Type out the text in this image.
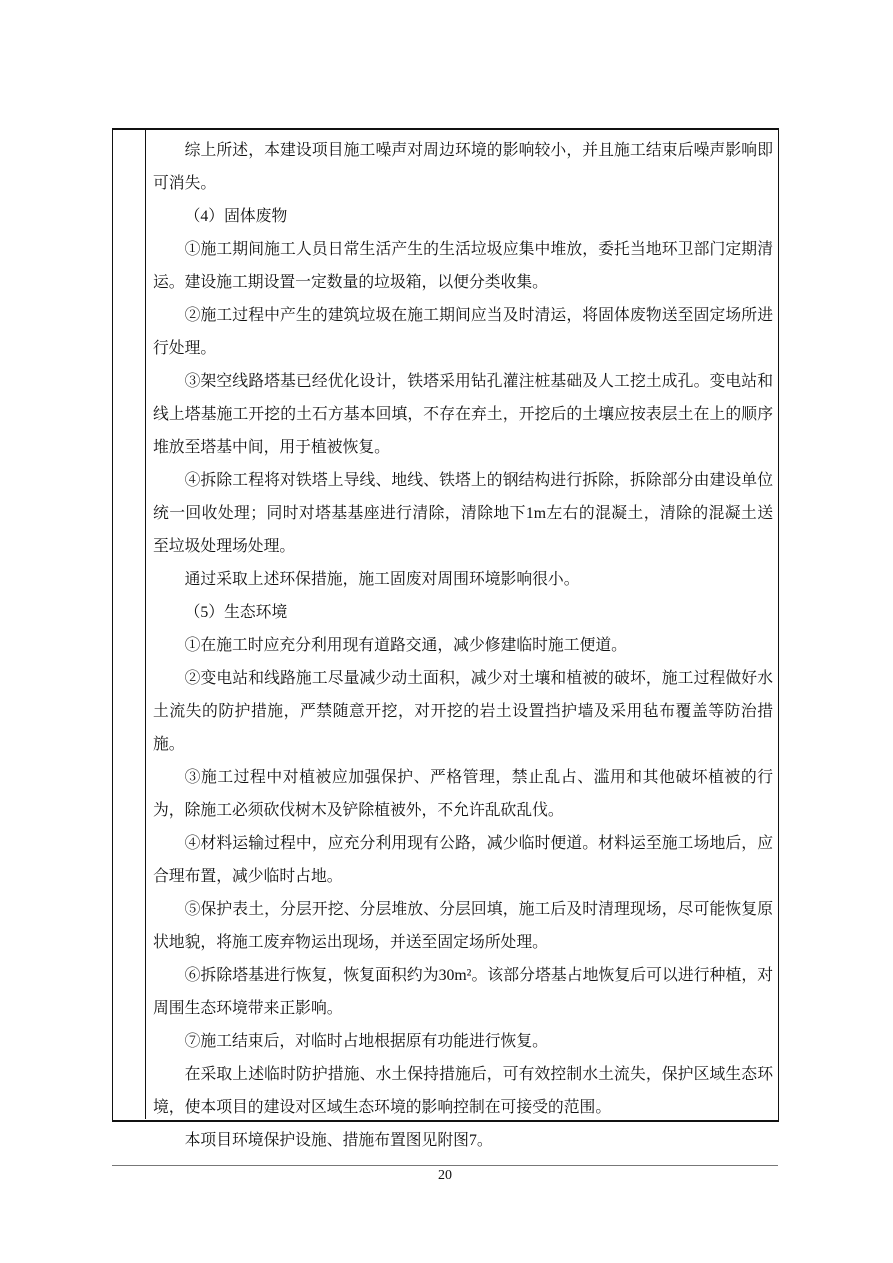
综上所述，本建设项目施工噪声对周边环境的影响较小，并且施工结束后噪声影响即可消失。

（4）固体废物

①施工期间施工人员日常生活产生的生活垃圾应集中堆放，委托当地环卫部门定期清运。建设施工期设置一定数量的垃圾箱，以便分类收集。

②施工过程中产生的建筑垃圾在施工期间应当及时清运，将固体废物送至固定场所进行处理。

③架空线路塔基已经优化设计，铁塔采用钻孔灌注桩基础及人工挖土成孔。变电站和线上塔基施工开挖的土石方基本回填，不存在弃土，开挖后的土壤应按表层土在上的顺序堆放至塔基中间，用于植被恢复。

④拆除工程将对铁塔上导线、地线、铁塔上的钢结构进行拆除，拆除部分由建设单位统一回收处理；同时对塔基基座进行清除，清除地下1m左右的混凝土，清除的混凝土送至垃圾处理场处理。

通过采取上述环保措施，施工固废对周围环境影响很小。

（5）生态环境

①在施工时应充分利用现有道路交通，减少修建临时施工便道。

②变电站和线路施工尽量减少动土面积，减少对土壤和植被的破坏，施工过程做好水土流失的防护措施，严禁随意开挖，对开挖的岩土设置挡护墙及采用毡布覆盖等防治措施。

③施工过程中对植被应加强保护、严格管理，禁止乱占、滥用和其他破坏植被的行为，除施工必须砍伐树木及铲除植被外，不允许乱砍乱伐。

④材料运输过程中，应充分利用现有公路，减少临时便道。材料运至施工场地后，应合理布置，减少临时占地。

⑤保护表土，分层开挖、分层堆放、分层回填，施工后及时清理现场，尽可能恢复原状地貌，将施工废弃物运出现场，并送至固定场所处理。

⑥拆除塔基进行恢复，恢复面积约为30m²。该部分塔基占地恢复后可以进行种植，对周围生态环境带来正影响。

⑦施工结束后，对临时占地根据原有功能进行恢复。

在采取上述临时防护措施、水土保持措施后，可有效控制水土流失，保护区域生态环境，使本项目的建设对区域生态环境的影响控制在可接受的范围。

本项目环境保护设施、措施布置图见附图7。

20
